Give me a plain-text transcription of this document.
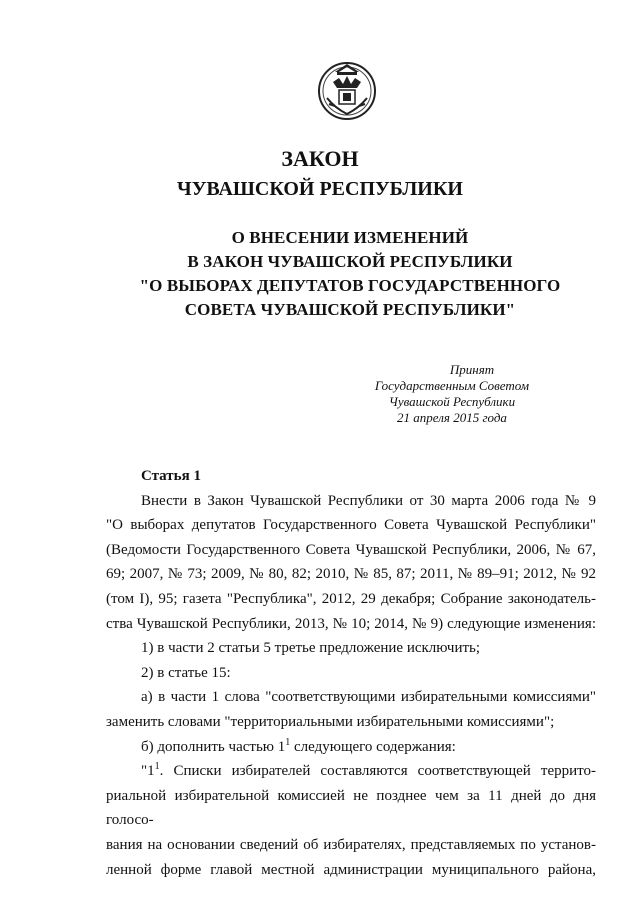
ЗАКОН
ЧУВАШСКОЙ РЕСПУБЛИКИ
О ВНЕСЕНИИ ИЗМЕНЕНИЙ
В ЗАКОН ЧУВАШСКОЙ РЕСПУБЛИКИ
"О ВЫБОРАХ ДЕПУТАТОВ ГОСУДАРСТВЕННОГО
СОВЕТА ЧУВАШСКОЙ РЕСПУБЛИКИ"
Принят
Государственным Советом
Чувашской Республики
21 апреля 2015 года
Статья 1
Внести в Закон Чувашской Республики от 30 марта 2006 года № 9
"О выборах депутатов Государственного Совета Чувашской Республики"
(Ведомости Государственного Совета Чувашской Республики, 2006, № 67,
69; 2007, № 73; 2009, № 80, 82; 2010, № 85, 87; 2011, № 89–91; 2012, № 92
(том I), 95; газета "Республика", 2012, 29 декабря; Собрание законодатель-
ства Чувашской Республики, 2013, № 10; 2014, № 9) следующие изменения:
1) в части 2 статьи 5 третье предложение исключить;
2) в статье 15:
а) в части 1 слова "соответствующими избирательными комиссиями"
заменить словами "территориальными избирательными комиссиями";
б) дополнить частью $1^1$ следующего содержания:
"$1^1$. Списки избирателей составляются соответствующей террито-
риальной избирательной комиссией не позднее чем за 11 дней до дня голосо-
вания на основании сведений об избирателях, представляемых по установ-
ленной форме главой местной администрации муниципального района,
